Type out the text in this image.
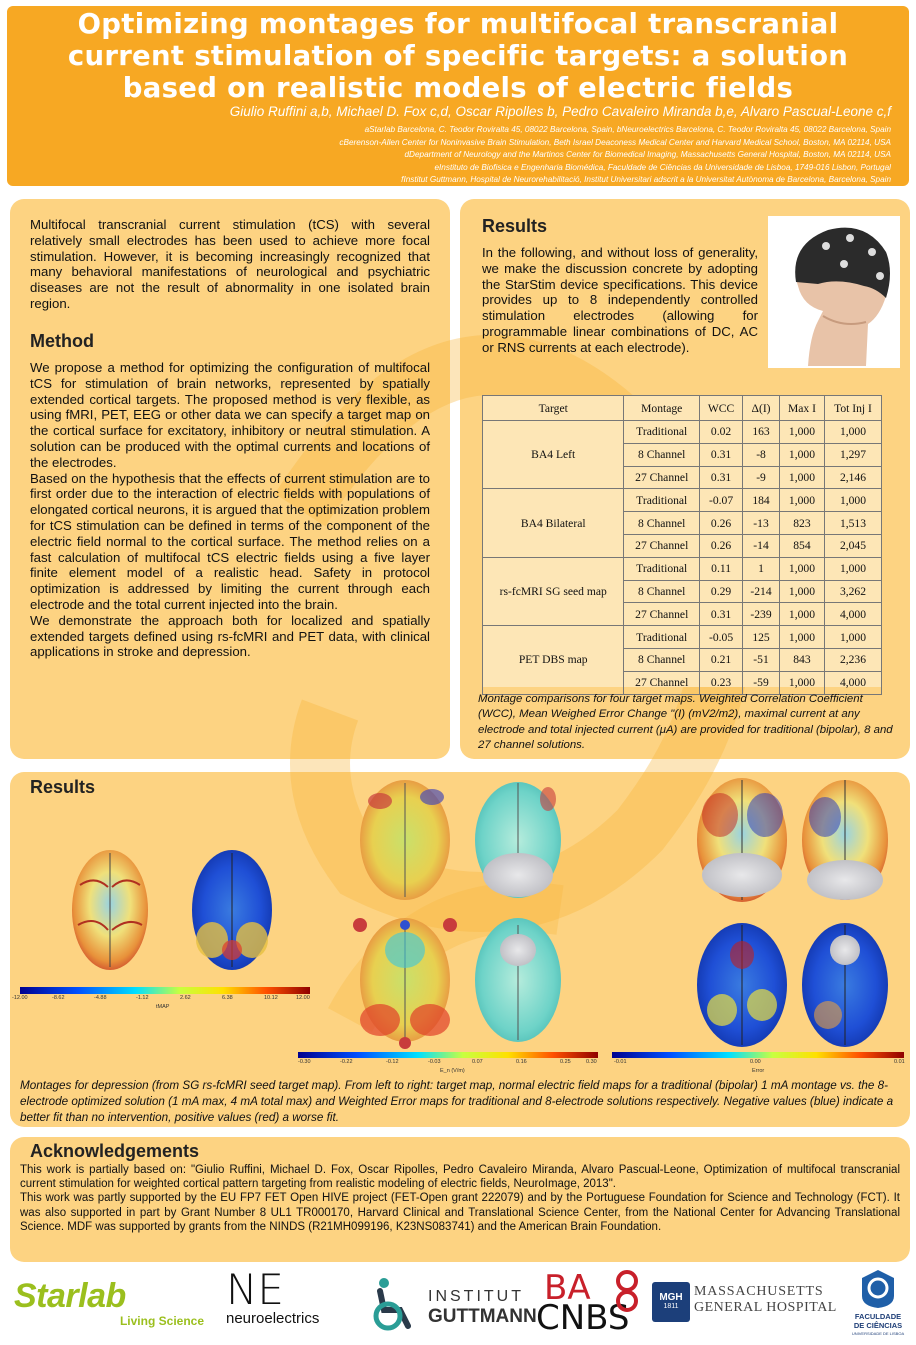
Optimizing montages for multifocal transcranial
current stimulation of specific targets: a solution
based on realistic models of electric fields
Giulio Ruffini a,b, Michael D. Fox c,d, Oscar Ripolles b, Pedro Cavaleiro Miranda b,e, Alvaro Pascual-Leone c,f
aStarlab Barcelona, C. Teodor Roviralta 45, 08022 Barcelona, Spain, bNeuroelectrics Barcelona, C. Teodor Roviralta 45, 08022 Barcelona, Spain
cBerenson-Allen Center for Noninvasive Brain Stimulation, Beth Israel Deaconess Medical Center and Harvard Medical School, Boston, MA 02114, USA
dDepartment of Neurology and the Martinos Center for Biomedical Imaging, Massachusetts General Hospital, Boston, MA 02114, USA
eInstituto de Biofisica e Engenharia Biomédica, Faculdade de Ciências da Universidade de Lisboa, 1749-016 Lisbon, Portugal
fInstitut Guttmann, Hospital de Neurorehabilitació, Institut Universitari adscrit a la Universitat Autònoma de Barcelona, Barcelona, Spain
Multifocal transcranial current stimulation (tCS) with several relatively small electrodes has been used to achieve more focal stimulation. However, it is becoming increasingly recognized that many behavioral manifestations of neurological and psychiatric diseases are not the result of abnormality in one isolated brain region.
Method
We propose a method for optimizing the configuration of multifocal tCS for stimulation of brain networks, represented by spatially extended cortical targets. The proposed method is very flexible, as using fMRI, PET, EEG or other data we can specify a target map on the cortical surface for excitatory, inhibitory or neutral stimulation. A solution can be produced with the optimal currents and locations of the electrodes.
Based on the hypothesis that the effects of current stimulation are to first order due to the interaction of electric fields with populations of elongated cortical neurons, it is argued that the optimization problem for tCS stimulation can be defined in terms of the component of the electric field normal to the cortical surface. The method relies on a fast calculation of multifocal tCS electric fields using a five layer finite element model of a realistic head. Safety in protocol optimization is addressed by limiting the current through each electrode and the total current injected into the brain.
We demonstrate the approach both for localized and spatially extended targets defined using rs-fcMRI and PET data, with clinical applications in stroke and depression.
Results
In the following, and without loss of generality, we make the discussion concrete by adopting the StarStim device specifications. This device provides up to 8 independently controlled stimulation electrodes (allowing for programmable linear combinations of DC, AC or RNS currents at each electrode).
Target	Montage	WCC	Δ(I)	Max I	Tot Inj I
BA4 Left	Traditional	0.02	163	1,000	1,000
	8 Channel	0.31	-8	1,000	1,297
	27 Channel	0.31	-9	1,000	2,146
BA4 Bilateral	Traditional	-0.07	184	1,000	1,000
	8 Channel	0.26	-13	823	1,513
	27 Channel	0.26	-14	854	2,045
rs-fcMRI SG seed map	Traditional	0.11	1	1,000	1,000
	8 Channel	0.29	-214	1,000	3,262
	27 Channel	0.31	-239	1,000	4,000
PET DBS map	Traditional	-0.05	125	1,000	1,000
	8 Channel	0.21	-51	843	2,236
	27 Channel	0.23	-59	1,000	4,000
Montage comparisons for four target maps. Weighted Correlation Coefficient (WCC), Mean Weighed Error Change "(I) (mV2/m2), maximal current at any electrode and total injected current (μA) are provided for traditional (bipolar), 8 and 27 channel solutions.
Results
-12.00	-8.62	-4.88	-1.12	2.62	6.38	10.12	12.00
tMAP
-0.30	-0.22	-0.12	-0.03	0.07	0.16	0.25	0.30
E_n (V/m)
-0.01	0.00	0.01
Error
Montages for depression (from SG rs-fcMRI seed target map). From left to right: target map, normal electric field maps for a traditional (bipolar) 1 mA montage vs. the 8-electrode optimized solution (1 mA max, 4 mA total max) and Weighted Error maps for traditional and 8-electrode solutions respectively. Negative values (blue) indicate a better fit than no intervention, positive values (red) a worse fit.
Acknowledgements

This work is partially based on: "Giulio Ruffini, Michael D. Fox, Oscar Ripolles, Pedro Cavaleiro Miranda, Alvaro Pascual-Leone, Optimization of multifocal transcranial current stimulation for weighted cortical pattern targeting from realistic modeling of electric fields, NeuroImage, 2013".

This work was partly supported by the EU FP7 FET Open HIVE project (FET-Open grant 222079) and by the Portuguese Foundation for Science and Technology (FCT). It was also supported in part by Grant Number 8 UL1 TR000170, Harvard Clinical and Translational Science Center, from the National Center for Advancing Translational Science. MDF was supported by grants from the NINDS (R21MH099196, K23NS083741) and the American Brain Foundation.

Starlab
Living Science
NE
neuroelectrics
INSTITUT
GUTTMANN
BA
CNBS
MGH
1811
MASSACHUSETTS
GENERAL HOSPITAL
FACULDADE
DE CIÊNCIAS
UNIVERSIDADE DE LISBOA
